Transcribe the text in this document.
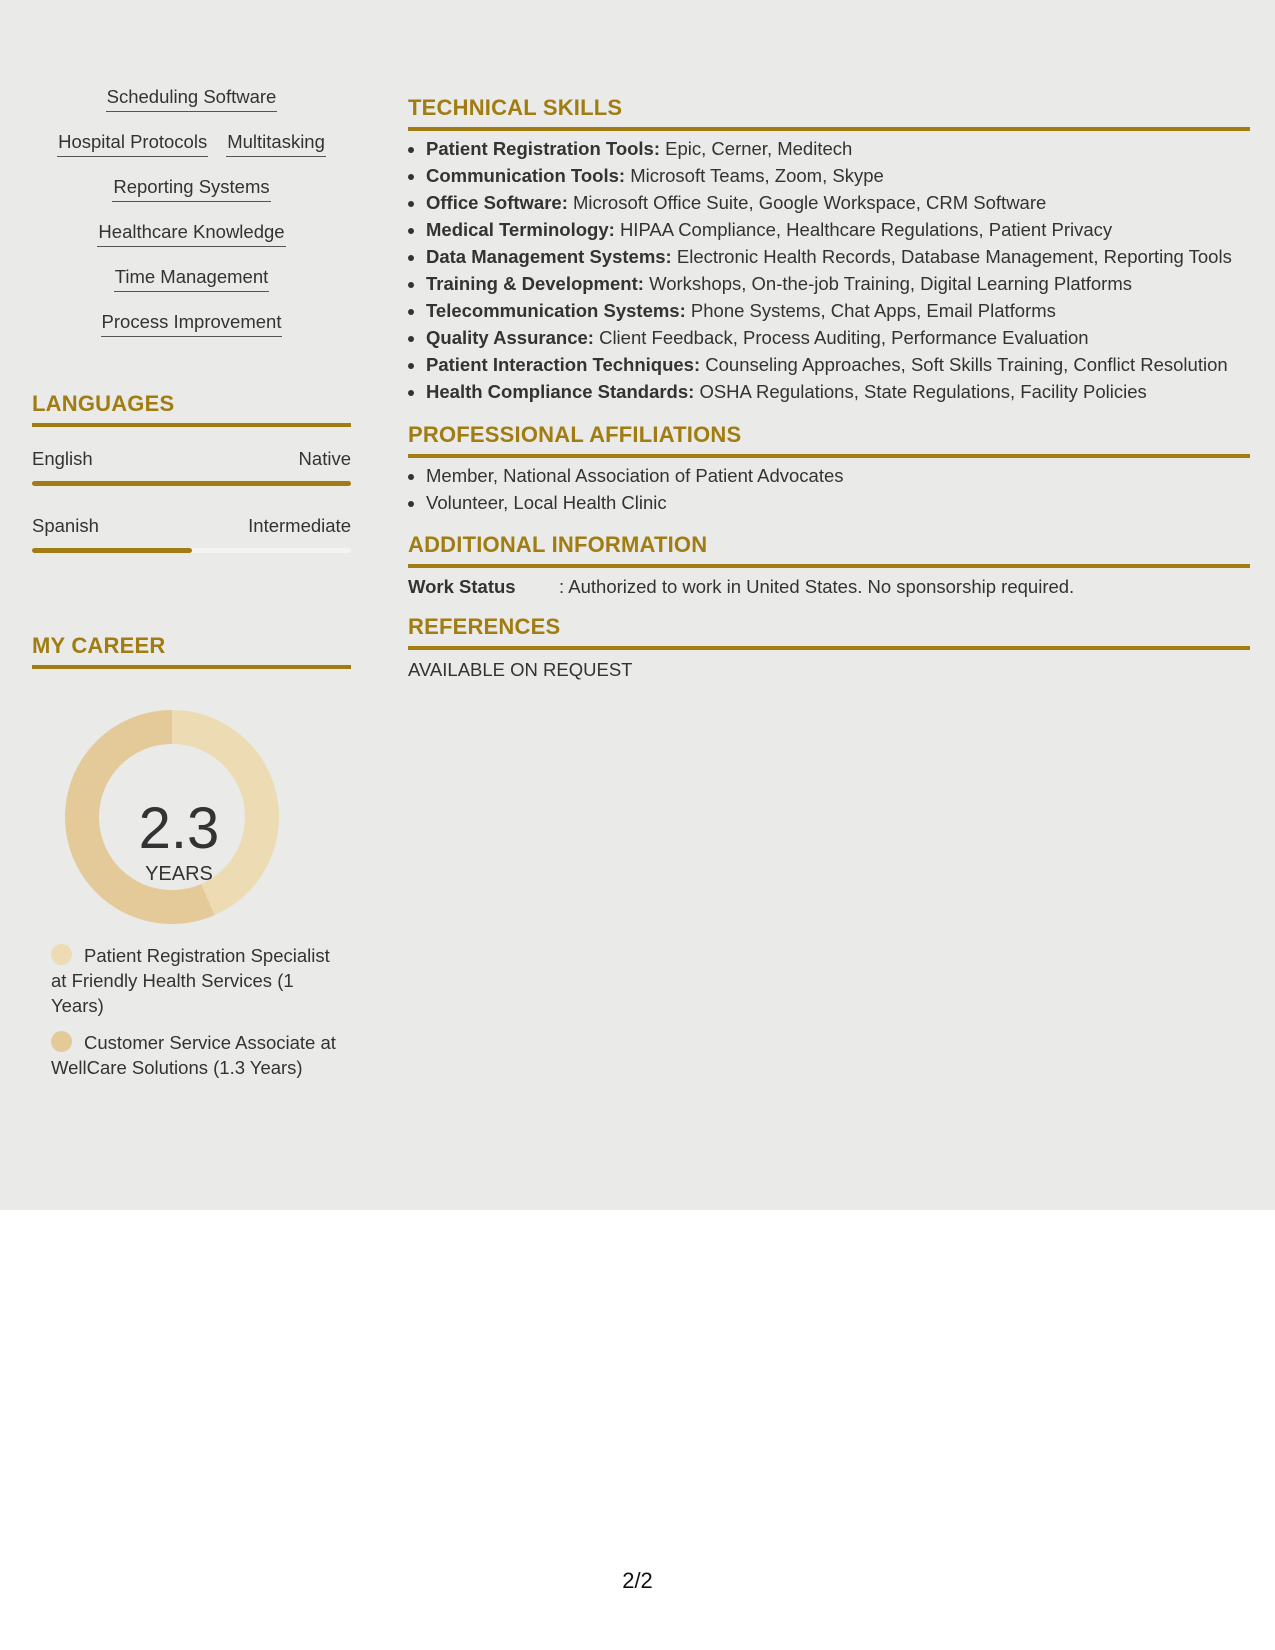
Scheduling Software
Hospital Protocols Multitasking
Reporting Systems
Healthcare Knowledge
Time Management
Process Improvement
LANGUAGES
English	Native
Spanish	Intermediate
MY CAREER
2.3
YEARS
Patient Registration Specialist at Friendly Health Services (1 Years)
Customer Service Associate at WellCare Solutions (1.3 Years)
TECHNICAL SKILLS
• Patient Registration Tools: Epic, Cerner, Meditech
• Communication Tools: Microsoft Teams, Zoom, Skype
• Office Software: Microsoft Office Suite, Google Workspace, CRM Software
• Medical Terminology: HIPAA Compliance, Healthcare Regulations, Patient Privacy
• Data Management Systems: Electronic Health Records, Database Management, Reporting Tools
• Training & Development: Workshops, On-the-job Training, Digital Learning Platforms
• Telecommunication Systems: Phone Systems, Chat Apps, Email Platforms
• Quality Assurance: Client Feedback, Process Auditing, Performance Evaluation
• Patient Interaction Techniques: Counseling Approaches, Soft Skills Training, Conflict Resolution
• Health Compliance Standards: OSHA Regulations, State Regulations, Facility Policies
PROFESSIONAL AFFILIATIONS
• Member, National Association of Patient Advocates
• Volunteer, Local Health Clinic
ADDITIONAL INFORMATION
Work Status : Authorized to work in United States. No sponsorship required.
REFERENCES
AVAILABLE ON REQUEST
2/2
